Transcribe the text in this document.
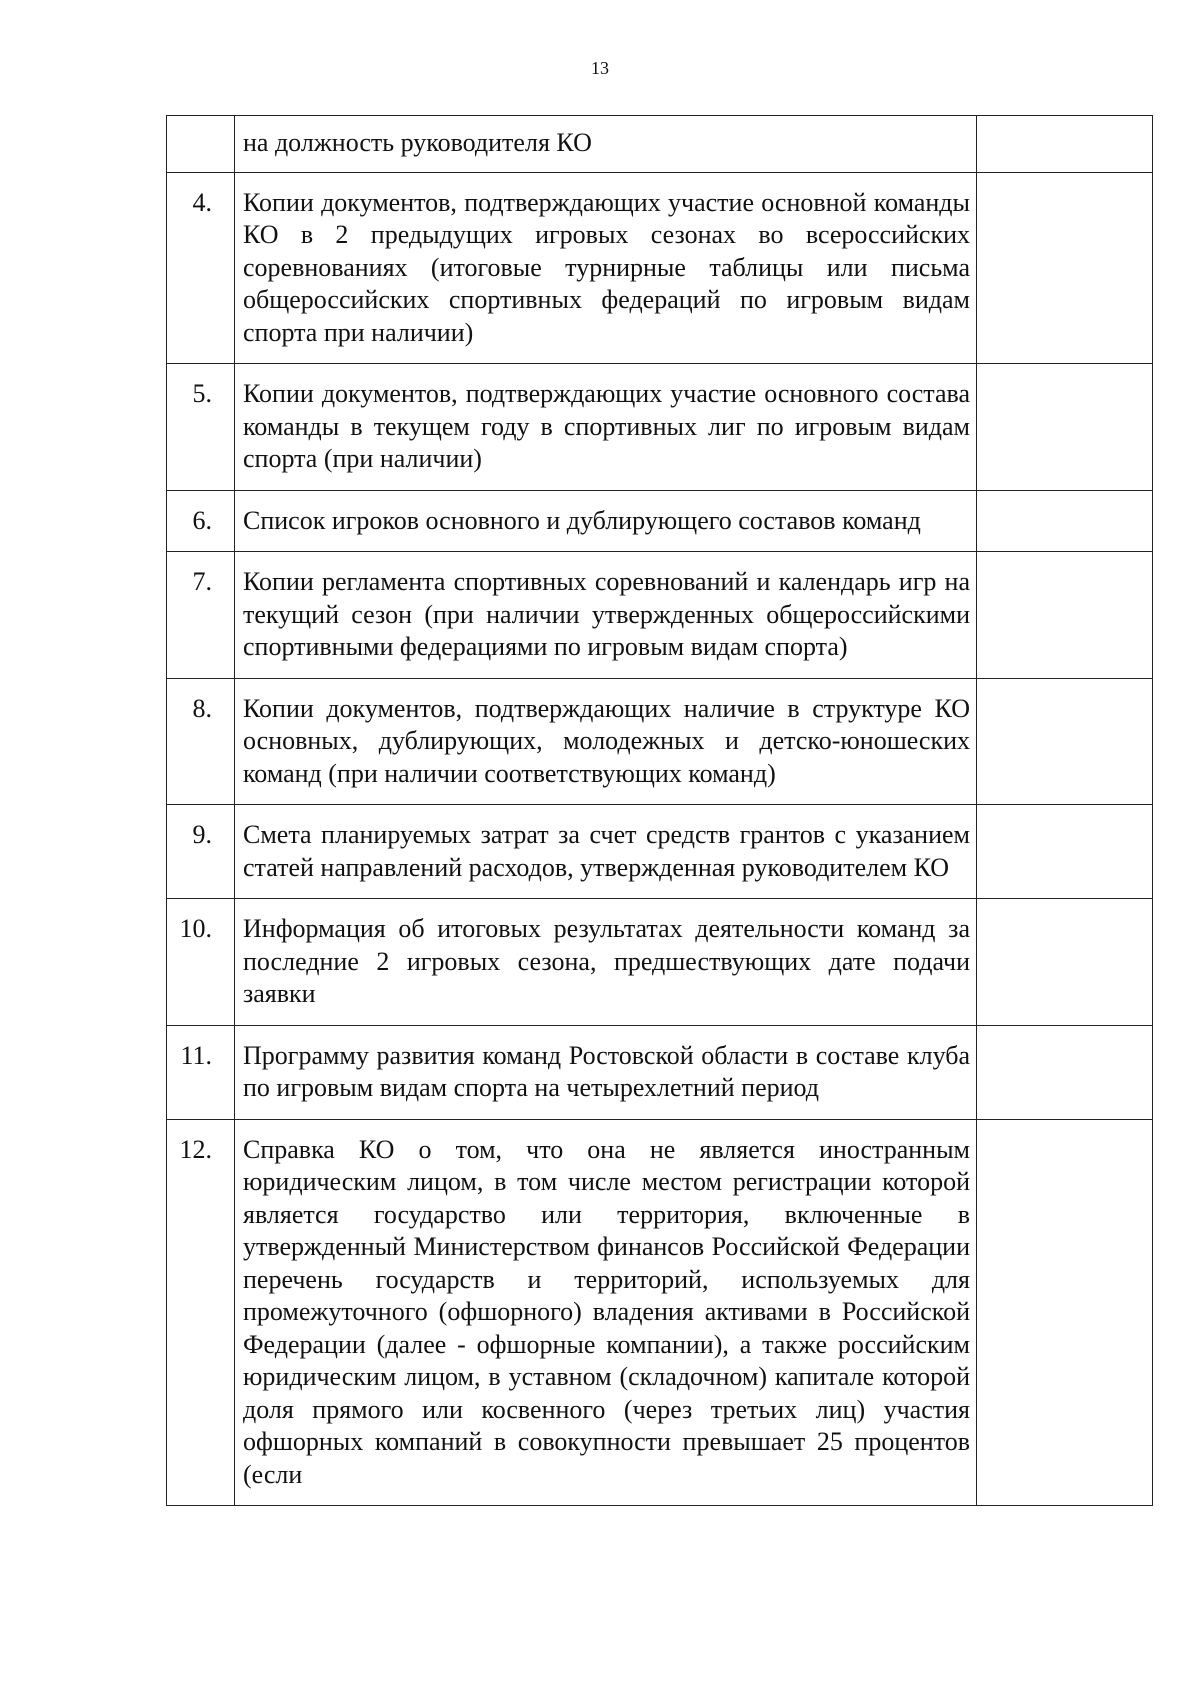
13
	на должность руководителя КО	
4.	Копии документов, подтверждающих участие основной команды КО в 2 предыдущих игровых сезонах во всероссийских соревнованиях (итоговые турнирные таблицы или письма общероссийских спортивных федераций по игровым видам спорта при наличии)	
5.	Копии документов, подтверждающих участие основного состава команды в текущем году в спортивных лиг по игровым видам спорта (при наличии)	
6.	Список игроков основного и дублирующего составов команд	
7.	Копии регламента спортивных соревнований и календарь игр на текущий сезон (при наличии утвержденных общероссийскими спортивными федерациями по игровым видам спорта)	
8.	Копии документов, подтверждающих наличие в структуре КО основных, дублирующих, молодежных и детско-юношеских команд (при наличии соответствующих команд)	
9.	Смета планируемых затрат за счет средств грантов с указанием статей направлений расходов, утвержденная руководителем КО	
10.	Информация об итоговых результатах деятельности команд за последние 2 игровых сезона, предшествующих дате подачи заявки	
11.	Программу развития команд Ростовской области в составе клуба по игровым видам спорта на четырехлетний период	
12.	Справка КО о том, что она не является иностранным юридическим лицом, в том числе местом регистрации которой является государство или территория, включенные в утвержденный Министерством финансов Российской Федерации перечень государств и территорий, используемых для промежуточного (офшорного) владения активами в Российской Федерации (далее - офшорные компании), а также российским юридическим лицом, в уставном (складочном) капитале которой доля прямого или косвенного (через третьих лиц) участия офшорных компаний в совокупности превышает 25 процентов (если	
